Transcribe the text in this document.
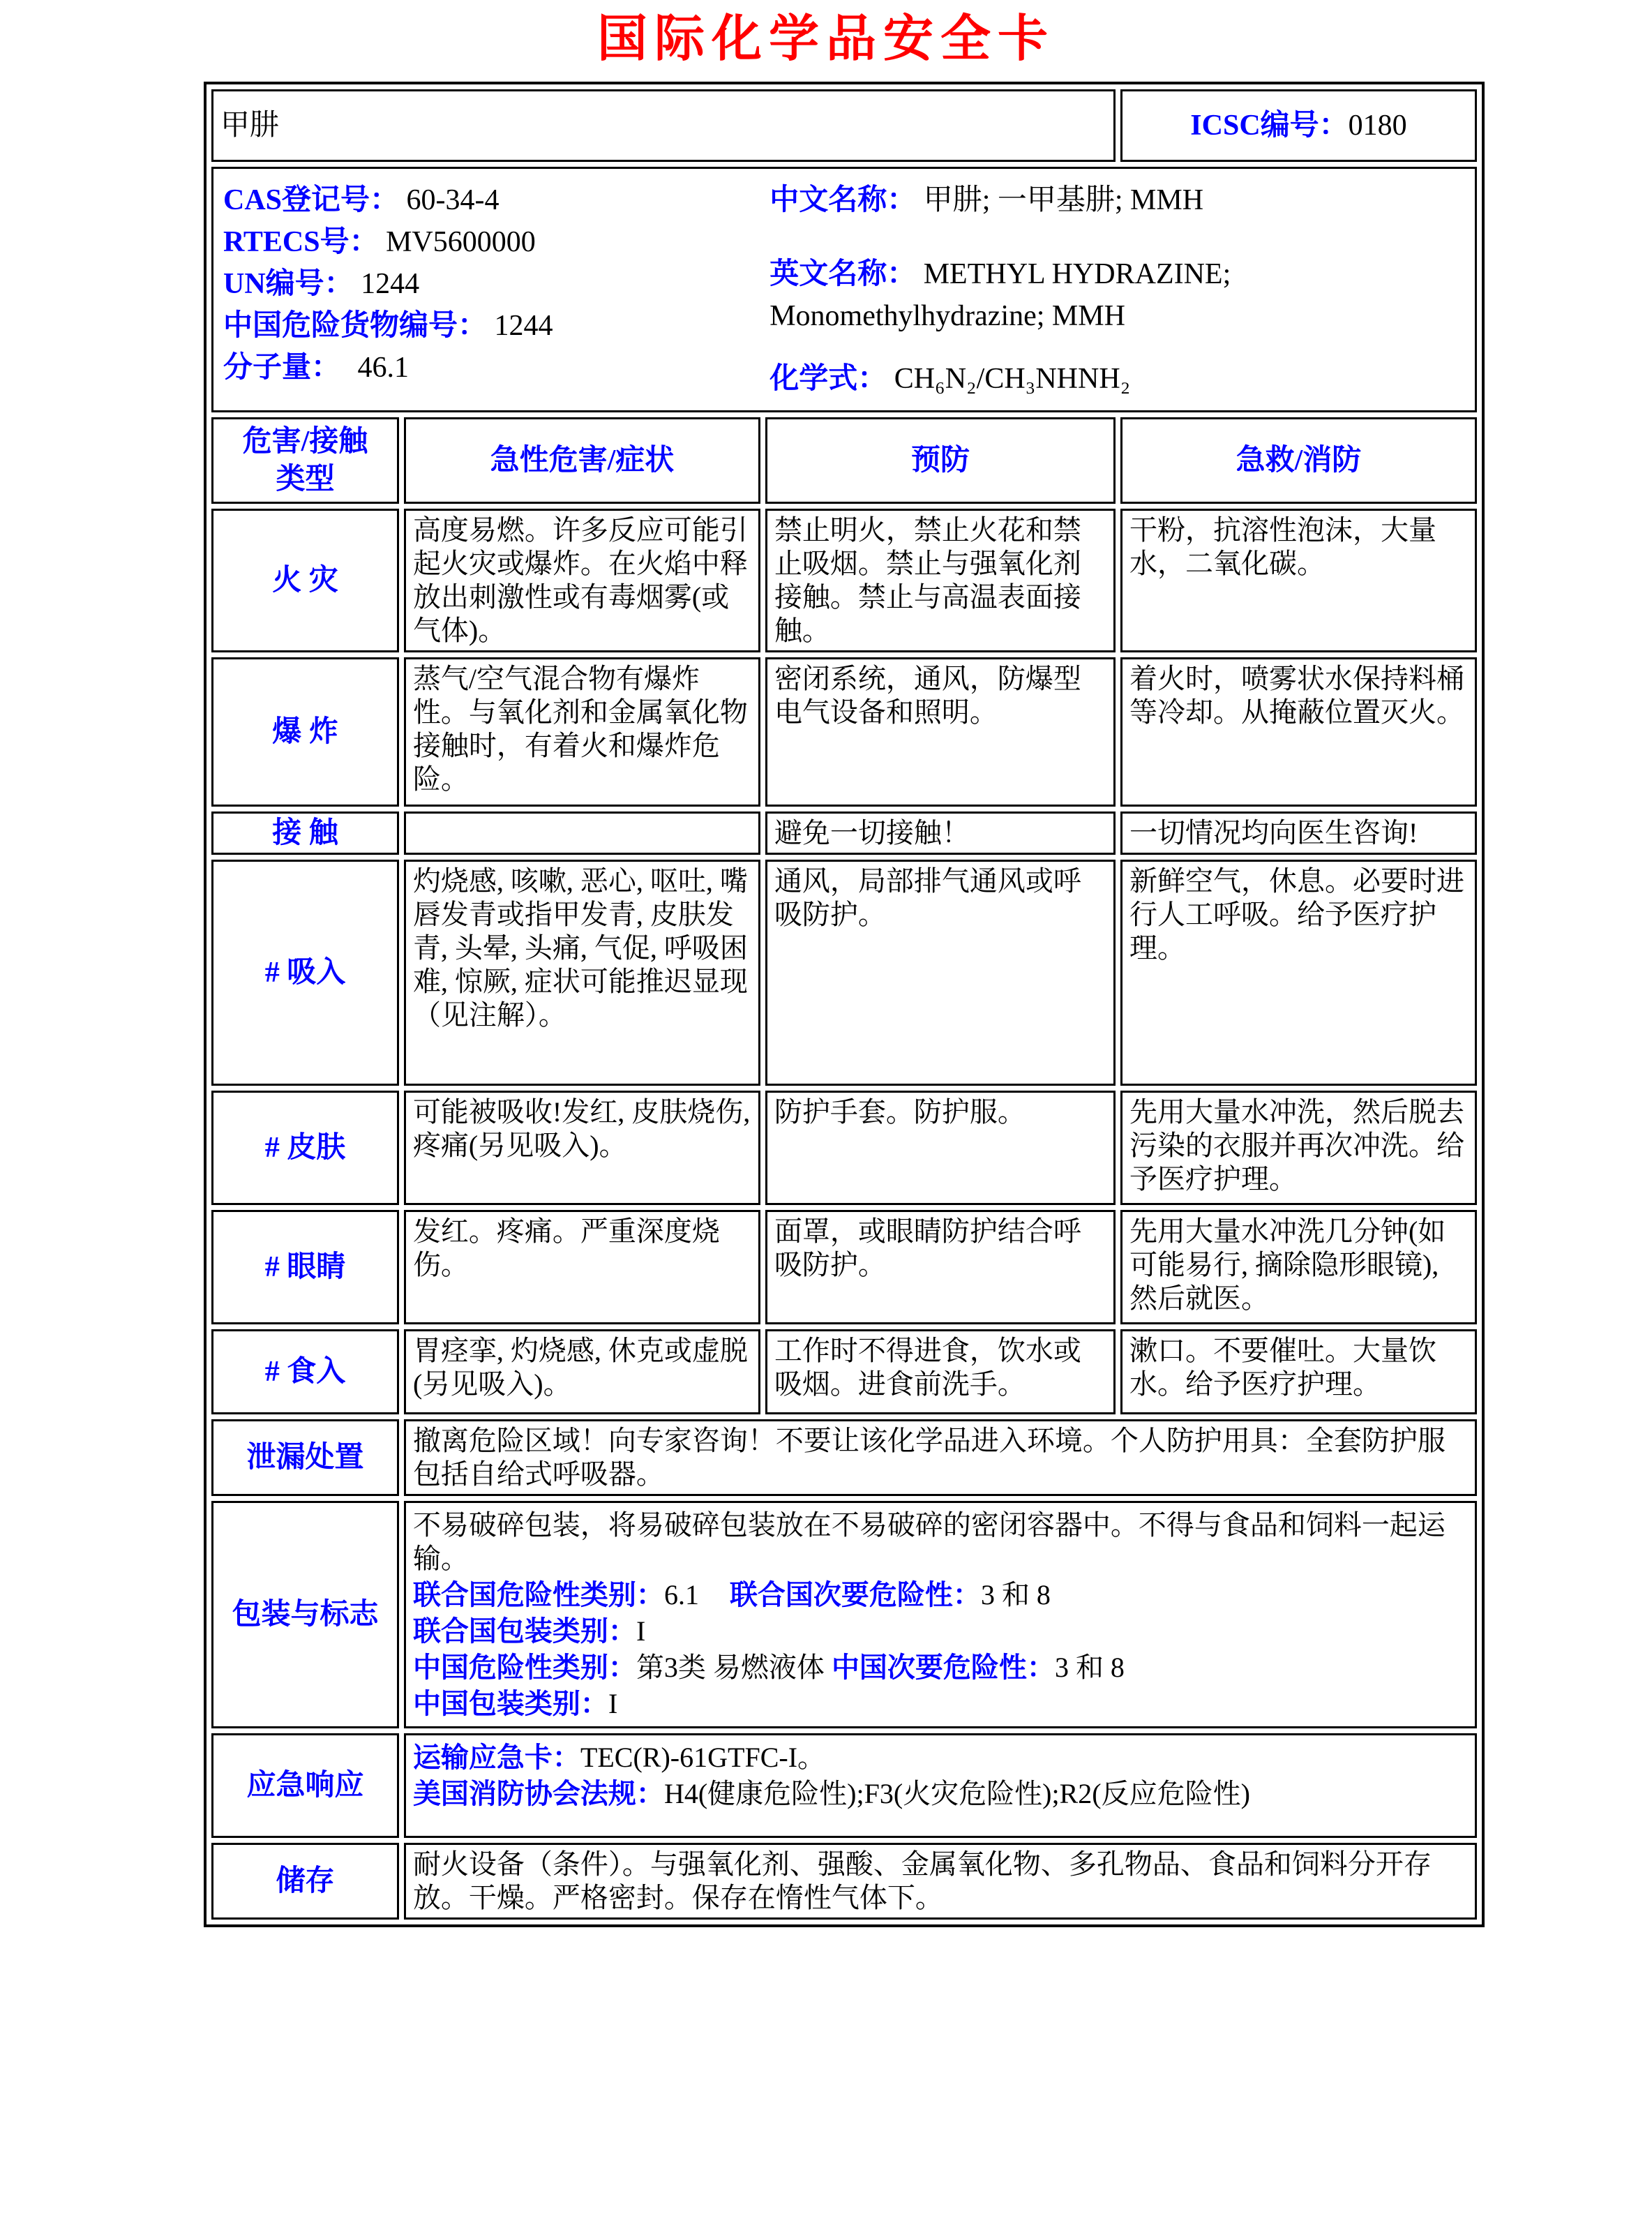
国际化学品安全卡
甲肼			ICSC编号：0180

CAS登记号： 60-34-4
RTECS号： MV5600000
UN编号： 1244
中国危险货物编号： 1244
分子量： 46.1
中文名称： 甲肼; 一甲基肼; MMH
英文名称： METHYL HYDRAZINE;
Monomethylhydrazine; MMH
化学式： CH₆N₂/CH₃NHNH₂

危害/接触
类型	急性危害/症状	预防	急救/消防
火 灾	高度易燃。许多反应可能引起火灾或爆炸。在火焰中释放出刺激性或有毒烟雾(或气体)。	禁止明火，禁止火花和禁止吸烟。禁止与强氧化剂接触。禁止与高温表面接触。	干粉，抗溶性泡沫，大量水，二氧化碳。
爆 炸	蒸气/空气混合物有爆炸性。与氧化剂和金属氧化物接触时，有着火和爆炸危险。	密闭系统，通风，防爆型电气设备和照明。	着火时，喷雾状水保持料桶等冷却。从掩蔽位置灭火。
接 触		避免一切接触！	一切情况均向医生咨询!
# 吸入	灼烧感, 咳嗽, 恶心, 呕吐, 嘴唇发青或指甲发青, 皮肤发青, 头晕, 头痛, 气促, 呼吸困难, 惊厥, 症状可能推迟显现（见注解）。	通风，局部排气通风或呼吸防护。	新鲜空气，休息。必要时进行人工呼吸。给予医疗护理。
# 皮肤	可能被吸收!发红, 皮肤烧伤, 疼痛(另见吸入)。	防护手套。防护服。	先用大量水冲洗，然后脱去污染的衣服并再次冲洗。给予医疗护理。
# 眼睛	发红。疼痛。严重深度烧伤。	面罩，或眼睛防护结合呼吸防护。	先用大量水冲洗几分钟(如可能易行, 摘除隐形眼镜), 然后就医。
# 食入	胃痉挛, 灼烧感, 休克或虚脱(另见吸入)。	工作时不得进食，饮水或吸烟。进食前洗手。	漱口。不要催吐。大量饮水。给予医疗护理。
泄漏处置	撤离危险区域！向专家咨询！不要让该化学品进入环境。个人防护用具：全套防护服包括自给式呼吸器。		
包装与标志	不易破碎包装，将易破碎包装放在不易破碎的密闭容器中。不得与食品和饲料一起运输。
联合国危险性类别：6.1 联合国次要危险性：3 和 8
联合国包装类别：I
中国危险性类别：第3类 易燃液体 中国次要危险性：3 和 8
中国包装类别：I		

应急响应	运输应急卡：TEC(R)-61GTFC-I。
美国消防协会法规：H4(健康危险性);F3(火灾危险性);R2(反应危险性)		

储存	耐火设备（条件）。与强氧化剂、强酸、金属氧化物、多孔物品、食品和饲料分开存放。干燥。严格密封。保存在惰性气体下。		
